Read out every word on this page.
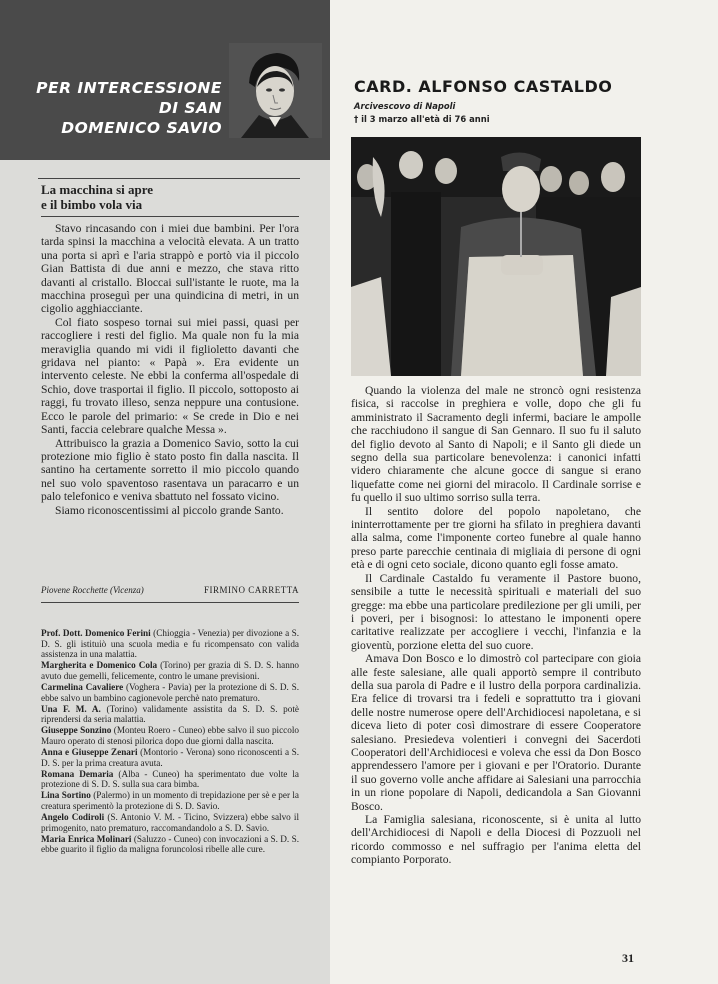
PER INTERCESSIONE
DI SAN
DOMENICO SAVIO
La macchina si apre
e il bimbo vola via

Stavo rincasando con i miei due bambini. Per l'ora tarda spinsi la macchina a velocità elevata. A un tratto una porta si aprì e l'aria strappò e portò via il piccolo Gian Battista di due anni e mezzo, che stava ritto davanti al cristallo. Bloccai sull'istante le ruote, ma la macchina proseguì per una quindicina di metri, in un cigolio agghiacciante.

Col fiato sospeso tornai sui miei passi, quasi per raccogliere i resti del figlio. Ma quale non fu la mia meraviglia quando mi vidi il figlioletto davanti che gridava nel pianto: « Papà ». Era evidente un intervento celeste. Ne ebbi la conferma all'ospedale di Schio, dove trasportai il figlio. Il piccolo, sottoposto ai raggi, fu trovato illeso, senza neppure una contusione. Ecco le parole del primario: « Se crede in Dio e nei Santi, faccia celebrare qualche Messa ».

Attribuisco la grazia a Domenico Savio, sotto la cui protezione mio figlio è stato posto fin dalla nascita. Il santino ha certamente sorretto il mio piccolo quando nel suo volo spaventoso rasentava un paracarro e un palo telefonico e veniva sbattuto nel fossato vicino.

Siamo riconoscentissimi al piccolo grande Santo.

Piovene Rocchette (Vicenza)	FIRMINO CARRETTA

Prof. Dott. Domenico Ferini (Chioggia - Venezia) per divozione a S. D. S. gli istituiò una scuola media e fu ricompensato con valida assistenza in una malattia.

Margherita e Domenico Cola (Torino) per grazia di S. D. S. hanno avuto due gemelli, felicemente, contro le umane previsioni.

Carmelina Cavaliere (Voghera - Pavia) per la protezione di S. D. S. ebbe salvo un bambino cagionevole perchè nato prematuro.

Una F. M. A. (Torino) validamente assistita da S. D. S. potè riprendersi da seria malattia.

Giuseppe Sonzino (Monteu Roero - Cuneo) ebbe salvo il suo piccolo Mauro operato di stenosi pilorica dopo due giorni dalla nascita.

Anna e Giuseppe Zenari (Montorio - Verona) sono riconoscenti a S. D. S. per la prima creatura avuta.

Romana Demaria (Alba - Cuneo) ha sperimentato due volte la protezione di S. D. S. sulla sua cara bimba.

Lina Sortino (Palermo) in un momento di trepidazione per sè e per la creatura sperimentò la protezione di S. D. Savio.

Angelo Codiroli (S. Antonio V. M. - Ticino, Svizzera) ebbe salvo il primogenito, nato prematuro, raccomandandolo a S. D. Savio.

Maria Enrica Molinari (Saluzzo - Cuneo) con invocazioni a S. D. S. ebbe guarito il figlio da maligna foruncolosi ribelle alle cure.

CARD. ALFONSO CASTALDO
Arcivescovo di Napoli
† il 3 marzo all'età di 76 anni

Quando la violenza del male ne stroncò ogni resistenza fisica, si raccolse in preghiera e volle, dopo che gli fu amministrato il Sacramento degli infermi, baciare le ampolle che racchiudono il sangue di San Gennaro. Il suo fu il saluto del figlio devoto al Santo di Napoli; e il Santo gli diede un segno della sua particolare benevolenza: i canonici infatti videro chiaramente che alcune gocce di sangue si erano liquefatte come nei giorni del miracolo. Il Cardinale sorrise e fu quello il suo ultimo sorriso sulla terra.

Il sentito dolore del popolo napoletano, che ininterrottamente per tre giorni ha sfilato in preghiera davanti alla salma, come l'imponente corteo funebre al quale hanno preso parte parecchie centinaia di migliaia di persone di ogni età e di ogni ceto sociale, dicono quanto egli fosse amato.

Il Cardinale Castaldo fu veramente il Pastore buono, sensibile a tutte le necessità spirituali e materiali del suo gregge: ma ebbe una particolare predilezione per gli umili, per i poveri, per i bisognosi: lo attestano le imponenti opere caritative realizzate per accogliere i vecchi, l'infanzia e la gioventù, porzione eletta del suo cuore.

Amava Don Bosco e lo dimostrò col partecipare con gioia alle feste salesiane, alle quali apportò sempre il contributo della sua parola di Padre e il lustro della porpora cardinalizia. Era felice di trovarsi tra i fedeli e soprattutto tra i giovani delle nostre numerose opere dell'Archidiocesi napoletana, e si diceva lieto di poter così dimostrare di essere Cooperatore salesiano. Presiedeva volentieri i convegni dei Sacerdoti Cooperatori dell'Archidiocesi e voleva che essi da Don Bosco apprendessero l'amore per i giovani e per l'Oratorio. Durante il suo governo volle anche affidare ai Salesiani una parrocchia in un rione popolare di Napoli, dedicandola a San Giovanni Bosco.

La Famiglia salesiana, riconoscente, si è unita al lutto dell'Archidiocesi di Napoli e della Diocesi di Pozzuoli nel ricordo commosso e nel suffragio per l'anima eletta del compianto Porporato.

31
